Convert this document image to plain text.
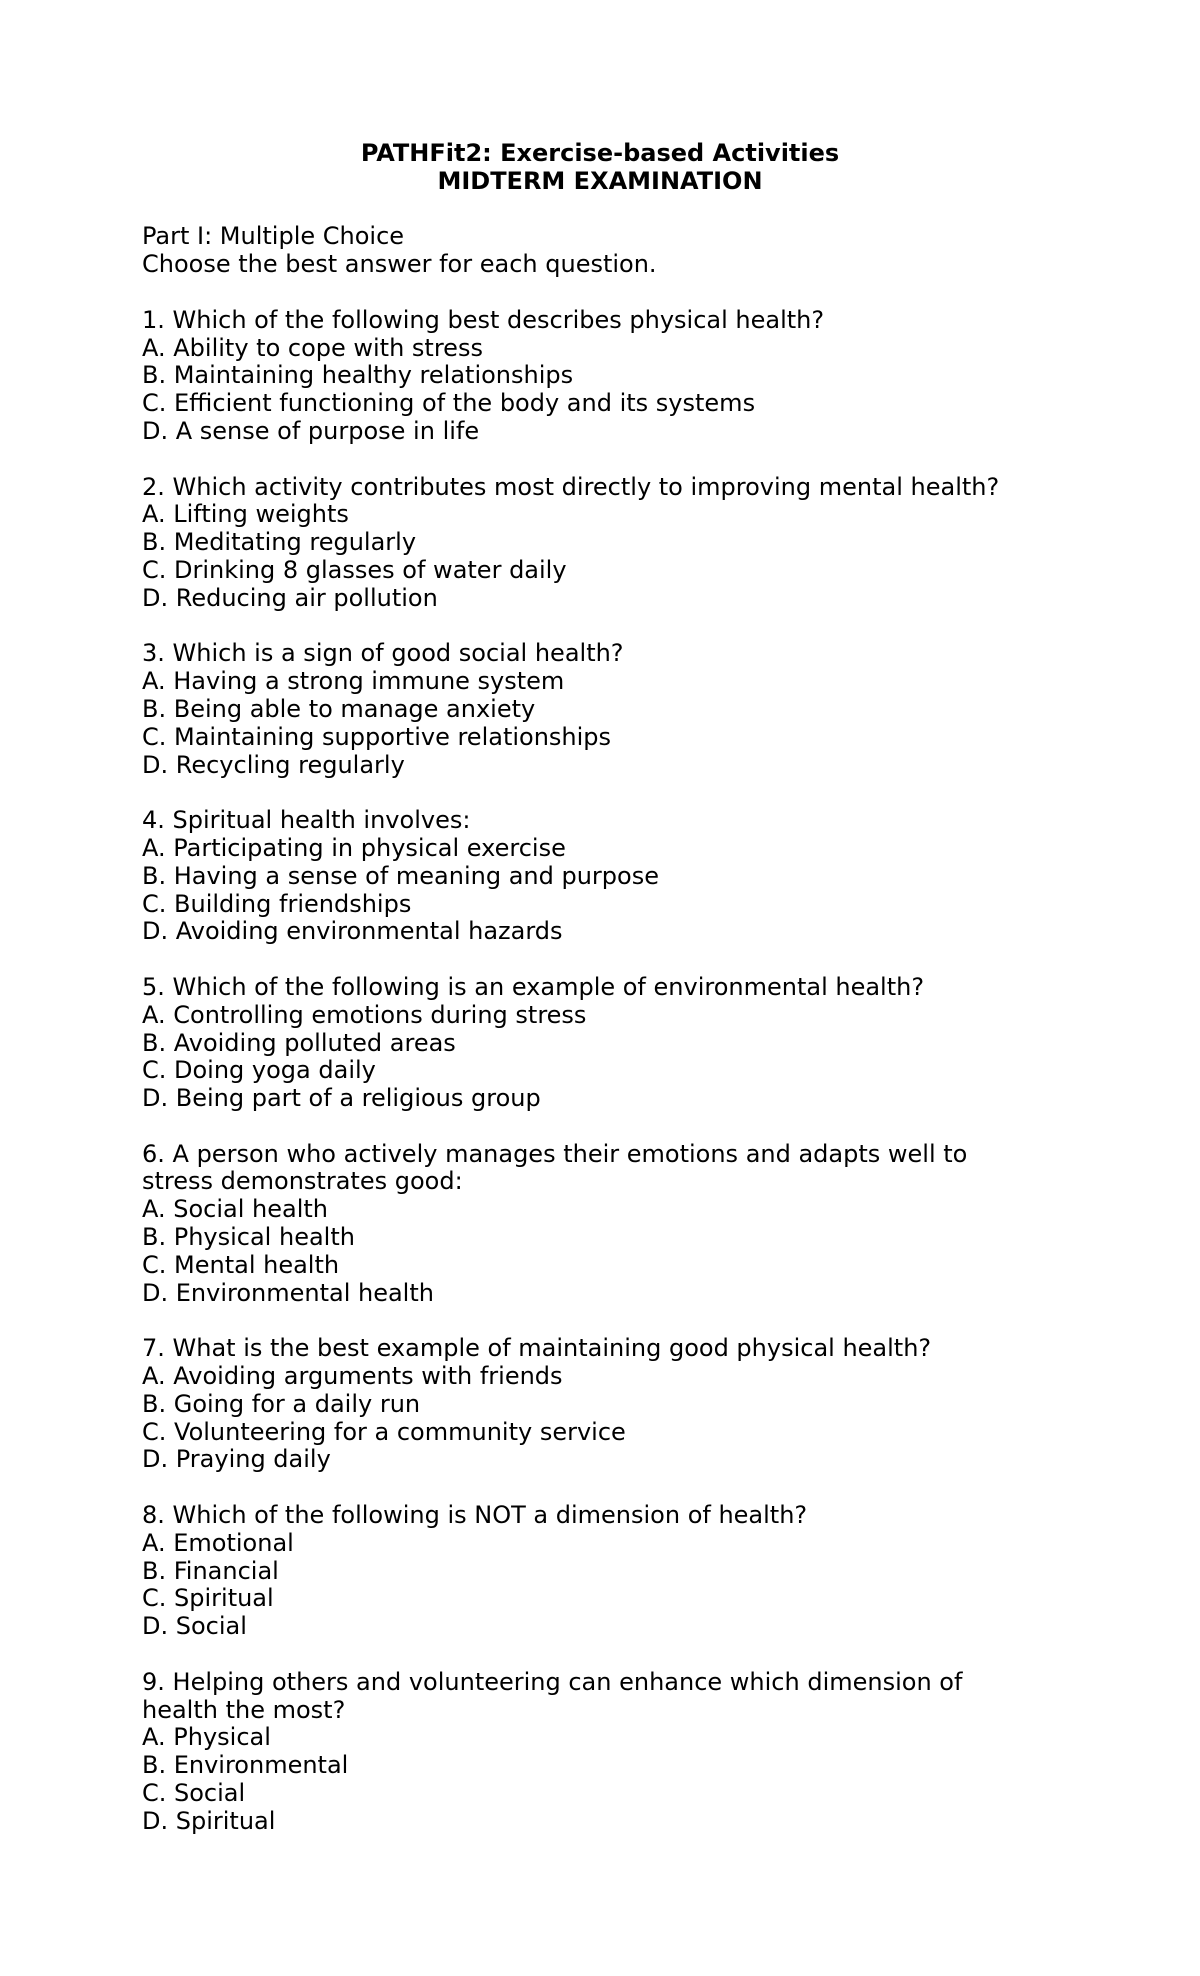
PATHFit2: Exercise-based Activities
MIDTERM EXAMINATION
Part I: Multiple Choice
Choose the best answer for each question.
1. Which of the following best describes physical health?
A. Ability to cope with stress
B. Maintaining healthy relationships
C. Efficient functioning of the body and its systems
D. A sense of purpose in life
2. Which activity contributes most directly to improving mental health?
A. Lifting weights
B. Meditating regularly
C. Drinking 8 glasses of water daily
D. Reducing air pollution
3. Which is a sign of good social health?
A. Having a strong immune system
B. Being able to manage anxiety
C. Maintaining supportive relationships
D. Recycling regularly
4. Spiritual health involves:
A. Participating in physical exercise
B. Having a sense of meaning and purpose
C. Building friendships
D. Avoiding environmental hazards
5. Which of the following is an example of environmental health?
A. Controlling emotions during stress
B. Avoiding polluted areas
C. Doing yoga daily
D. Being part of a religious group
6. A person who actively manages their emotions and adapts well to stress demonstrates good:
A. Social health
B. Physical health
C. Mental health
D. Environmental health
7. What is the best example of maintaining good physical health?
A. Avoiding arguments with friends
B. Going for a daily run
C. Volunteering for a community service
D. Praying daily
8. Which of the following is NOT a dimension of health?
A. Emotional
B. Financial
C. Spiritual
D. Social
9. Helping others and volunteering can enhance which dimension of health the most?
A. Physical
B. Environmental
C. Social
D. Spiritual
